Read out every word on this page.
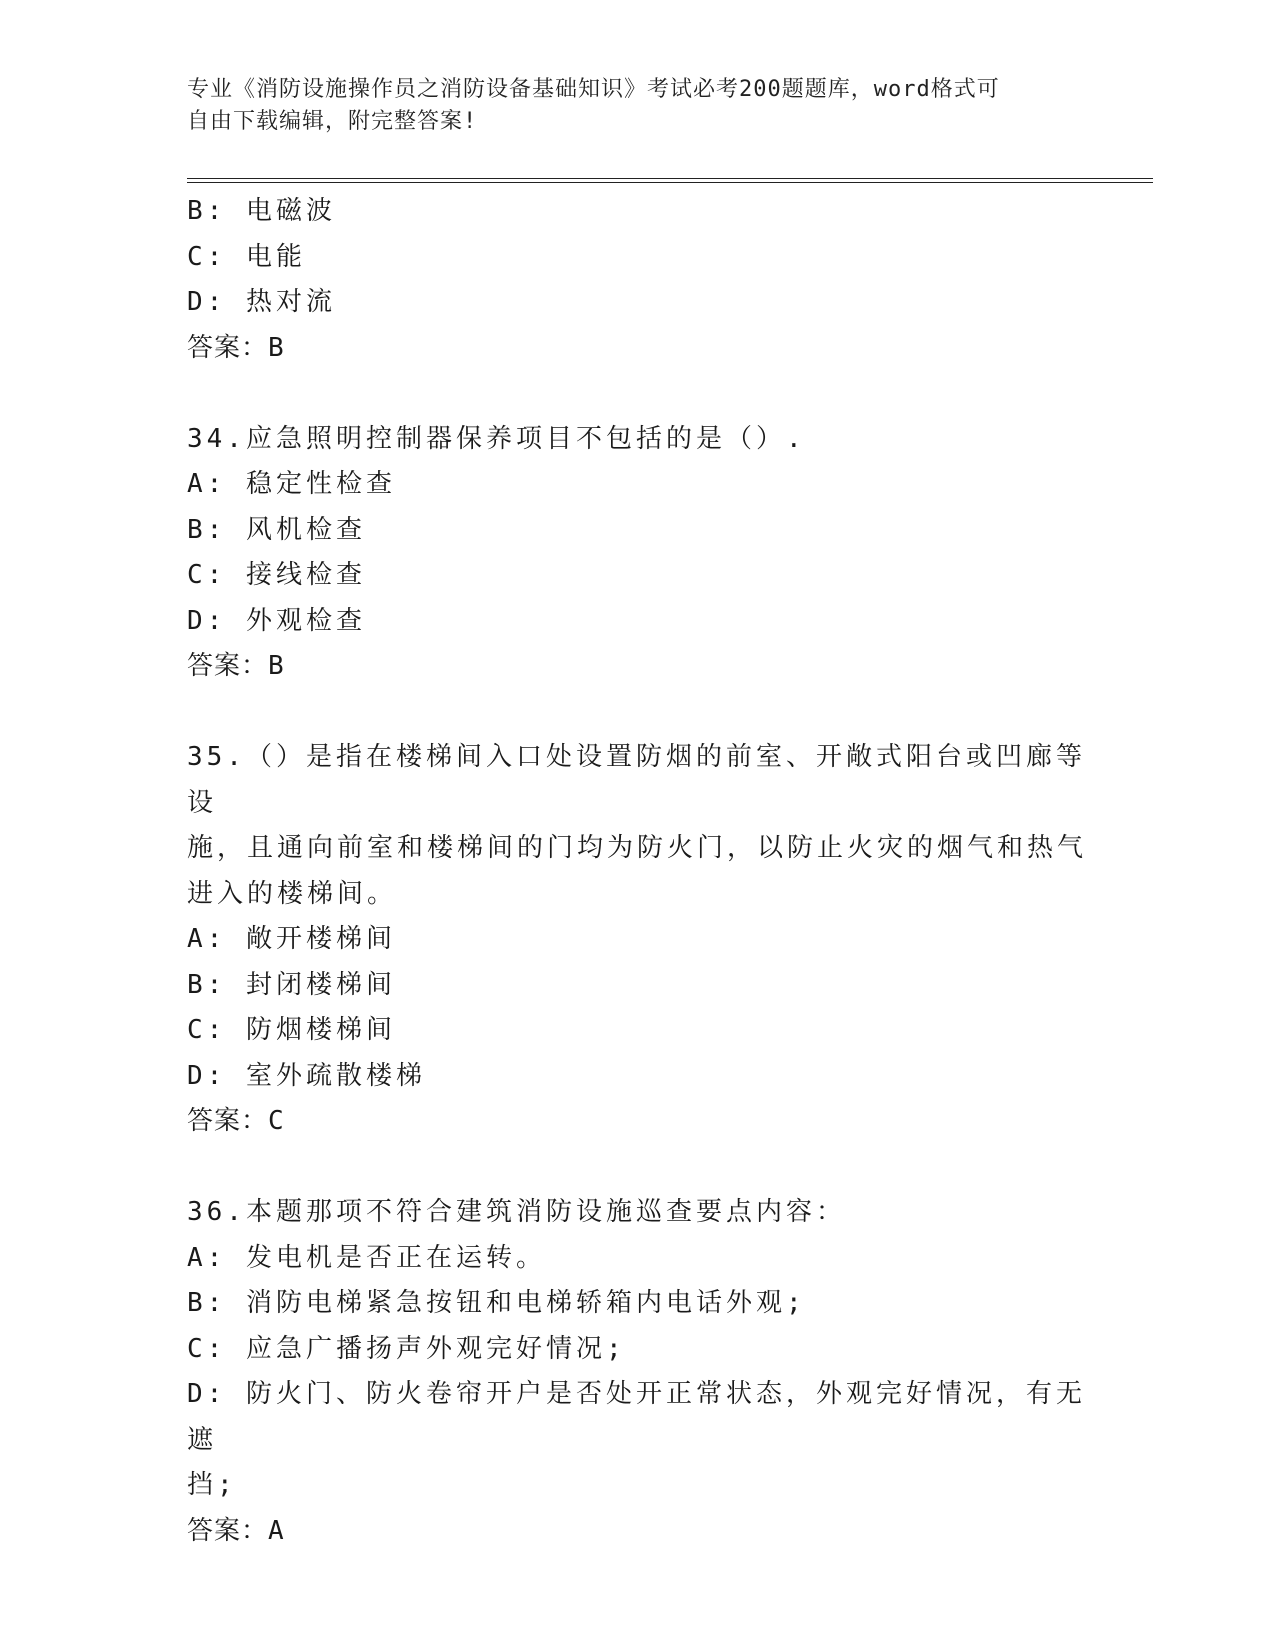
专业《消防设施操作员之消防设备基础知识》考试必考200题题库，word格式可
自由下载编辑，附完整答案!
B: 电磁波
C: 电能
D: 热对流
答案：B
34.应急照明控制器保养项目不包括的是（）.
A: 稳定性检查
B: 风机检查
C: 接线检查
D: 外观检查
答案：B
35.（）是指在楼梯间入口处设置防烟的前室、开敞式阳台或凹廊等设
施，且通向前室和楼梯间的门均为防火门，以防止火灾的烟气和热气
进入的楼梯间。
A: 敞开楼梯间
B: 封闭楼梯间
C: 防烟楼梯间
D: 室外疏散楼梯
答案：C
36.本题那项不符合建筑消防设施巡查要点内容：
A: 发电机是否正在运转。
B: 消防电梯紧急按钮和电梯轿箱内电话外观;
C: 应急广播扬声外观完好情况;
D: 防火门、防火卷帘开户是否处开正常状态，外观完好情况，有无遮
挡;
答案：A
